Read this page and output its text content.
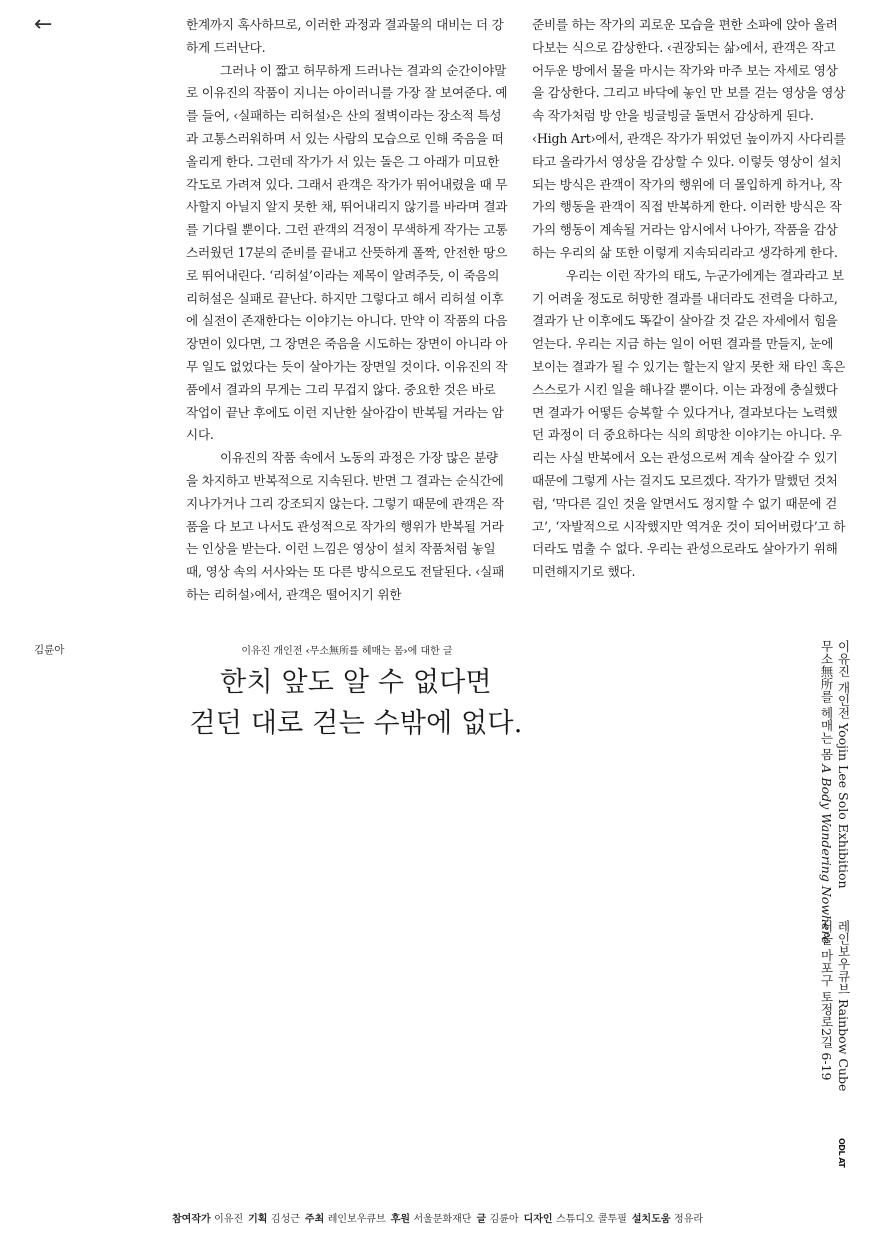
←	한계까지 혹사하므로, 이러한 과정과 결과물의 대비는 더 강하게 드러난다.

그러나 이 짧고 허무하게 드러나는 결과의 순간이야말로 이유진의 작품이 지니는 아이러니를 가장 잘 보여준다. 예를 들어, ‹실패하는 리허설›은 산의 절벽이라는 장소적 특성과 고통스러워하며 서 있는 사람의 모습으로 인해 죽음을 떠올리게 한다. 그런데 작가가 서 있는 돌은 그 아래가 미묘한 각도로 가려져 있다. 그래서 관객은 작가가 뛰어내렸을 때 무사할지 아닐지 알지 못한 채, 뛰어내리지 않기를 바라며 결과를 기다릴 뿐이다. 그런 관객의 걱정이 무색하게 작가는 고통스러웠던 17분의 준비를 끝내고 산뜻하게 폴짝, 안전한 땅으로 뛰어내린다. ‘리허설’이라는 제목이 알려주듯, 이 죽음의 리허설은 실패로 끝난다. 하지만 그렇다고 해서 리허설 이후에 실전이 존재한다는 이야기는 아니다. 만약 이 작품의 다음 장면이 있다면, 그 장면은 죽음을 시도하는 장면이 아니라 아무 일도 없었다는 듯이 살아가는 장면일 것이다. 이유진의 작품에서 결과의 무게는 그리 무겁지 않다. 중요한 것은 바로 작업이 끝난 후에도 이런 지난한 살아감이 반복될 거라는 암시다.

이유진의 작품 속에서 노동의 과정은 가장 많은 분량을 차지하고 반복적으로 지속된다. 반면 그 결과는 순식간에 지나가거나 그리 강조되지 않는다. 그렇기 때문에 관객은 작품을 다 보고 나서도 관성적으로 작가의 행위가 반복될 거라는 인상을 받는다. 이런 느낌은 영상이 설치 작품처럼 놓일 때, 영상 속의 서사와는 또 다른 방식으로도 전달된다. ‹실패하는 리허설›에서, 관객은 떨어지기 위한

준비를 하는 작가의 괴로운 모습을 편한 소파에 앉아 올려다보는 식으로 감상한다. ‹권장되는 삶›에서, 관객은 작고 어두운 방에서 물을 마시는 작가와 마주 보는 자세로 영상을 감상한다. 그리고 바닥에 놓인 만 보를 걷는 영상을 영상 속 작가처럼 방 안을 빙글빙글 돌면서 감상하게 된다. ‹High Art›에서, 관객은 작가가 뛰었던 높이까지 사다리를 타고 올라가서 영상을 감상할 수 있다. 이렇듯 영상이 설치되는 방식은 관객이 작가의 행위에 더 몰입하게 하거나, 작가의 행동을 관객이 직접 반복하게 한다. 이러한 방식은 작가의 행동이 계속될 거라는 암시에서 나아가, 작품을 감상하는 우리의 삶 또한 이렇게 지속되리라고 생각하게 한다.

우리는 이런 작가의 태도, 누군가에게는 결과라고 보기 어려울 정도로 허망한 결과를 내더라도 전력을 다하고, 결과가 난 이후에도 똑같이 살아갈 것 같은 자세에서 힘을 얻는다. 우리는 지금 하는 일이 어떤 결과를 만들지, 눈에 보이는 결과가 될 수 있기는 할는지 알지 못한 채 타인 혹은 스스로가 시킨 일을 해나갈 뿐이다. 이는 과정에 충실했다면 결과가 어떻든 승복할 수 있다거나, 결과보다는 노력했던 과정이 더 중요하다는 식의 희망찬 이야기는 아니다. 우리는 사실 반복에서 오는 관성으로써 계속 살아갈 수 있기 때문에 그렇게 사는 걸지도 모르겠다. 작가가 말했던 것처럼, ‘막다른 길인 것을 알면서도 정지할 수 없기 때문에 걷고’, ‘자발적으로 시작했지만 역겨운 것이 되어버렸다’고 하더라도 멈출 수 없다. 우리는 관성으로라도 살아가기 위해 미련해지기로 했다.

김륜아	이유진 개인전 ‹무소無所를 헤매는 몸›에 대한 글
한치 앞도 알 수 없다면
걷던 대로 걷는 수밖에 없다.	이유진 개인전 Yoojin Lee Solo Exhibition
무소無所를 헤매는 몸 A Body Wandering Nowhere
레인보우큐브 Rainbow Cube
서울 마포구 토정로2길 6-19
ODL AT
참여작가 이유진 기획 김성근 주최 레인보우큐브 후원 서울문화재단 글 김륜아 디자인 스튜디오 콜투필 설치도움 정유라
